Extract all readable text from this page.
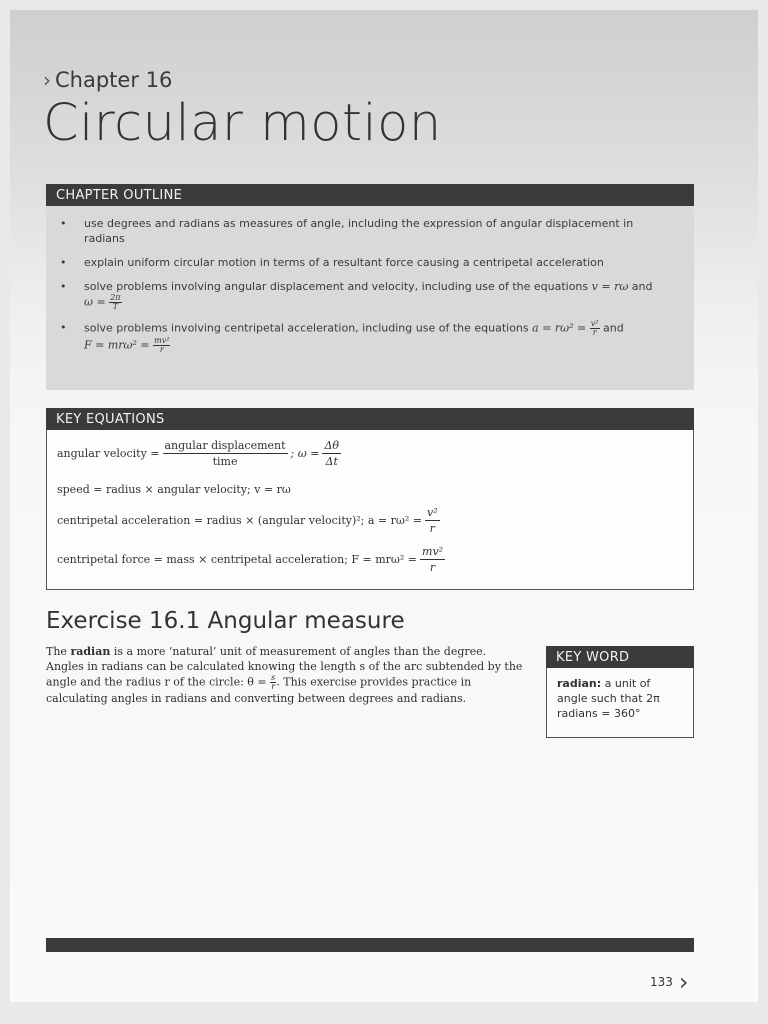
› Chapter 16
Circular motion
CHAPTER OUTLINE
• use degrees and radians as measures of angle, including the expression of angular displacement in radians
• explain uniform circular motion in terms of a resultant force causing a centripetal acceleration
• solve problems involving angular displacement and velocity, including use of the equations v = rω and
$\omega = \frac{2\pi}{T}$
• solve problems involving centripetal acceleration, including use of the equations $a = r\omega^2 = \frac{\text{v²}}{r}$ and
$F = mr\omega^2 = \frac{\text{mv²}}{r}$
KEY EQUATIONS
angular velocity =
angular displacement
time
; $\omega = \frac{\Delta\theta}{\Delta t}$
speed = radius × angular velocity; v = rω
centripetal acceleration = radius × (angular velocity)²; $a = r\omega^2 = \frac{\text{v²}}{r}$
centripetal force = mass × centripetal acceleration; $F = mr\omega^2 = \frac{\text{mv²}}{r}$
Exercise 16.1 Angular measure
The radian is a more ‘natural’ unit of measurement of angles than the degree. Angles in radians can be calculated knowing the length s of the arc subtended by the angle and the radius r of the circle: $\theta = \frac{s}{r}$ . This exercise provides practice in calculating angles in radians and converting between degrees and radians.
KEY WORD
radian: a unit of angle such that 2π radians = 360°
133 ›
